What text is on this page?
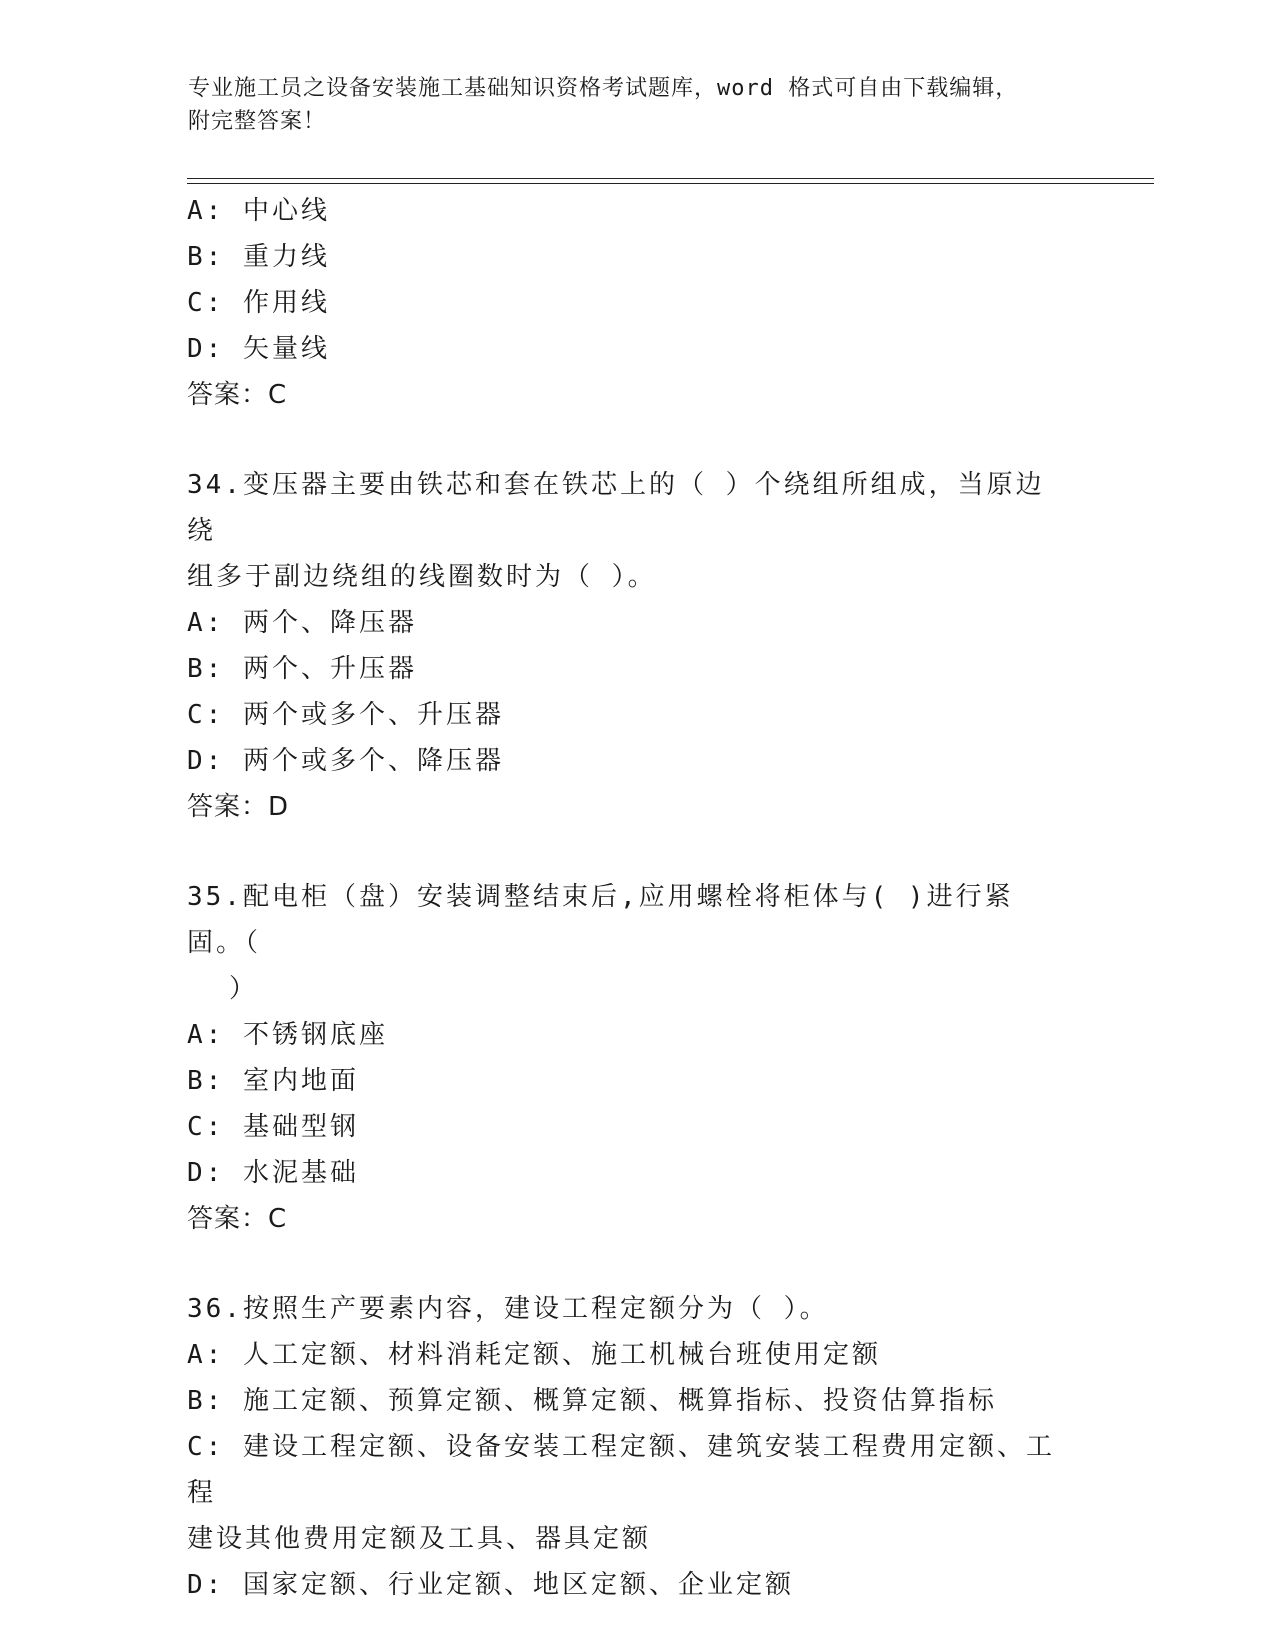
专业施工员之设备安装施工基础知识资格考试题库，word 格式可自由下载编辑，
附完整答案！
A: 中心线
B: 重力线
C: 作用线
D: 矢量线
答案：C
34.变压器主要由铁芯和套在铁芯上的（ ）个绕组所组成，当原边绕
组多于副边绕组的线圈数时为（ ）。
A: 两个、降压器
B: 两个、升压器
C: 两个或多个、升压器
D: 两个或多个、降压器
答案：D
35.配电柜（盘）安装调整结束后,应用螺栓将柜体与( )进行紧固。（
）
A: 不锈钢底座
B: 室内地面
C: 基础型钢
D: 水泥基础
答案：C
36.按照生产要素内容，建设工程定额分为（ ）。
A: 人工定额、材料消耗定额、施工机械台班使用定额
B: 施工定额、预算定额、概算定额、概算指标、投资估算指标
C: 建设工程定额、设备安装工程定额、建筑安装工程费用定额、工程
建设其他费用定额及工具、器具定额
D: 国家定额、行业定额、地区定额、企业定额
